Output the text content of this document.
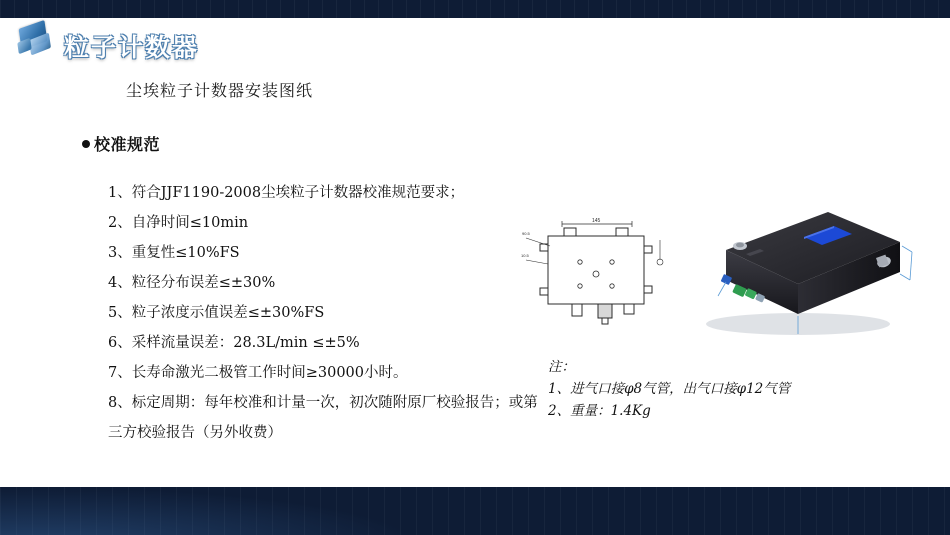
粒子计数器
尘埃粒子计数器安装图纸
校准规范
1、符合JJF1190-2008尘埃粒子计数器校准规范要求；
2、自净时间≤10min
3、重复性≤10%FS
4、粒径分布误差≤±30%
5、粒子浓度示值误差≤±30%FS
6、采样流量误差：28.3L/min ≤±5%
7、长寿命激光二极管工作时间≥30000小时。
8、标定周期：每年校准和计量一次，初次随附原厂校验报告；或第三方校验报告（另外收费）
145
90.5
10.5
注：
1、进气口接φ8气管，出气口接φ12气管
2、重量：1.4Kg
